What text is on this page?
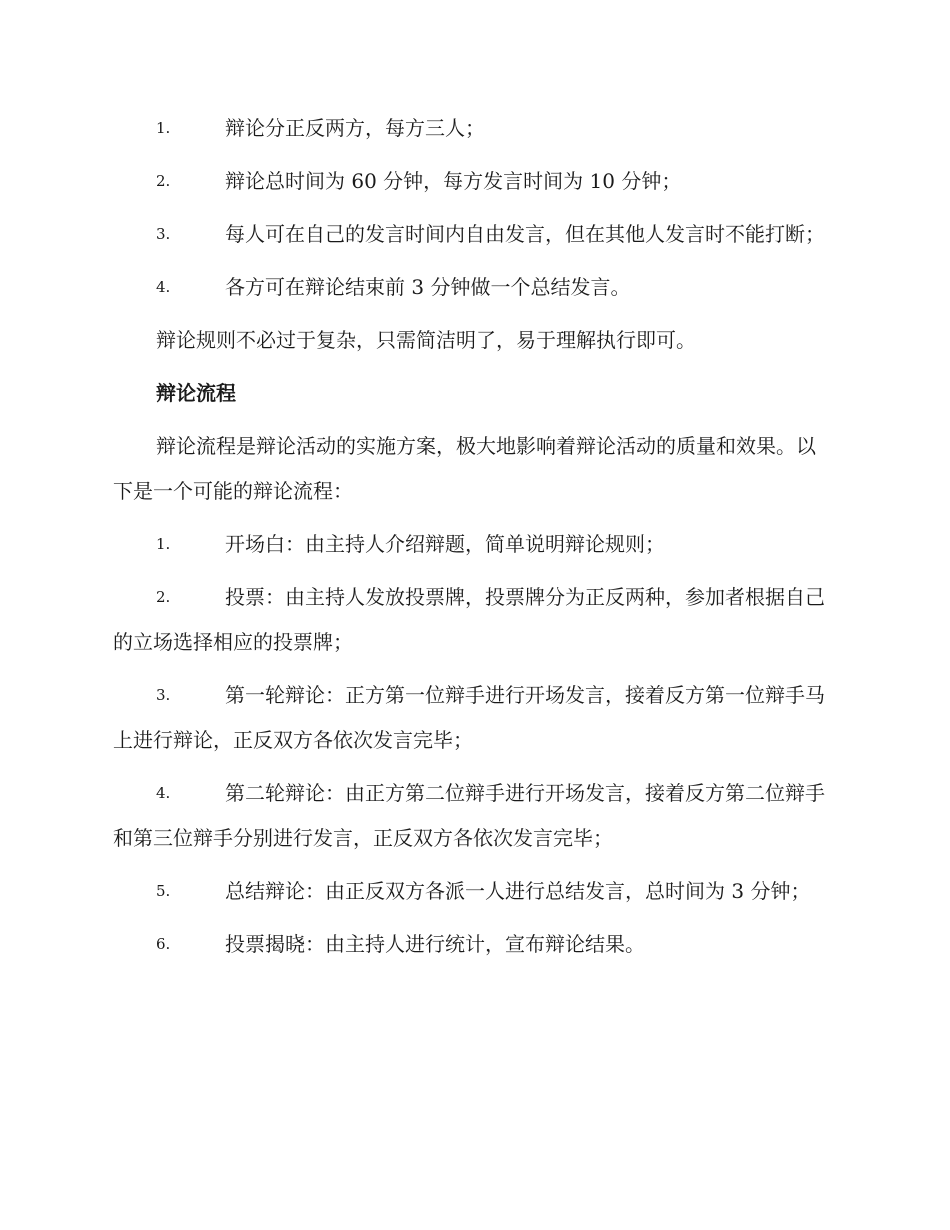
1.	辩论分正反两方，每方三人；
2.	辩论总时间为 60 分钟，每方发言时间为 10 分钟；
3.	每人可在自己的发言时间内自由发言，但在其他人发言时不能打断；
4.	各方可在辩论结束前 3 分钟做一个总结发言。
辩论规则不必过于复杂，只需简洁明了，易于理解执行即可。
辩论流程
辩论流程是辩论活动的实施方案，极大地影响着辩论活动的质量和效果。以下是一个可能的辩论流程：
1.	开场白：由主持人介绍辩题，简单说明辩论规则；
2.	投票：由主持人发放投票牌，投票牌分为正反两种，参加者根据自己的立场选择相应的投票牌；
3.	第一轮辩论：正方第一位辩手进行开场发言，接着反方第一位辩手马上进行辩论，正反双方各依次发言完毕；
4.	第二轮辩论：由正方第二位辩手进行开场发言，接着反方第二位辩手和第三位辩手分别进行发言，正反双方各依次发言完毕；
5.	总结辩论：由正反双方各派一人进行总结发言，总时间为 3 分钟；
6.	投票揭晓：由主持人进行统计，宣布辩论结果。
